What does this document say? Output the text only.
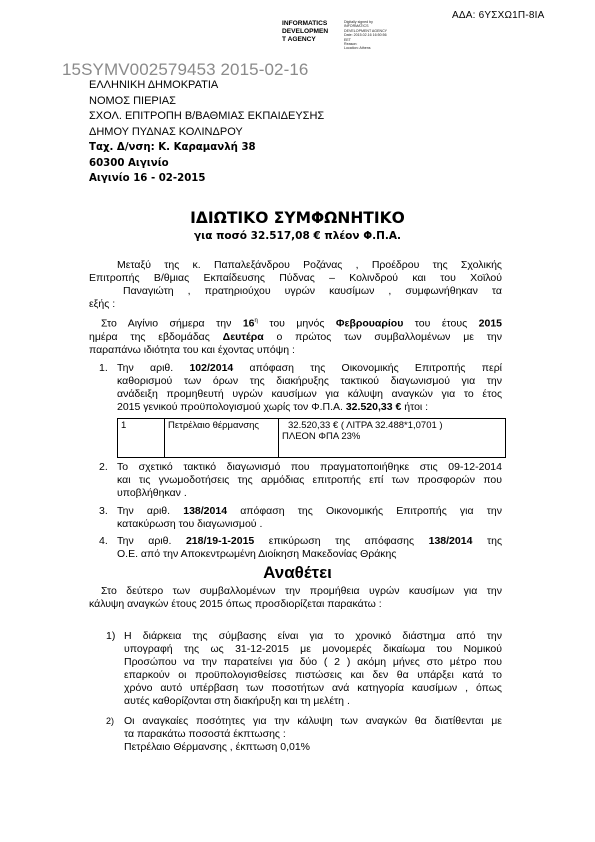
ΑΔΑ: 6ΥΣΧΩ1Π-8ΙΑ
INFORMATICS
DEVELOPMEN
T AGENCY
Digitally signed by
INFORMATICS
DEVELOPMENT AGENCY
Date: 2015.02.16 16:50:56
EET
Reason:
Location: Athens
15SYMV002579453 2015-02-16
ΕΛΛΗΝΙΚΗ ΔΗΜΟΚΡΑΤΙΑ
ΝΟΜΟΣ ΠΙΕΡΙΑΣ
ΣΧΟΛ. ΕΠΙΤΡΟΠΗ Β/ΒΑΘΜΙΑΣ ΕΚΠΑΙΔΕΥΣΗΣ
ΔΗΜΟΥ ΠΥΔΝΑΣ ΚΟΛΙΝΔΡΟΥ
Ταχ. Δ/νση: Κ. Καραμανλή 38
60300 Αιγινίο
Αιγινίο 16 - 02-2015
ΙΔΙΩΤΙΚΟ ΣΥΜΦΩΝΗΤΙΚΟ
για ποσό 32.517,08 € πλέον Φ.Π.Α.
Μεταξύ της κ. Παπαλεξάνδρου Ροζάνας , Προέδρου της Σχολικής
Επιτροπής Β/θμιας Εκπαίδευσης Πύδνας – Κολινδρού και του Χοϊλού
Παναγιώτη , πρατηριούχου υγρών καυσίμων , συμφωνήθηκαν τα
εξής :
Στο Αιγίνιο σήμερα την $16^\eta$ του μηνός Φεβρουαρίου του έτους 2015
ημέρα της εβδομάδας Δευτέρα ο πρώτος των συμβαλλομένων με την
παραπάνω ιδιότητα του και έχοντας υπόψη :
1. Την αριθ. 102/2014 απόφαση της Οικονομικής Επιτροπής περί
καθορισμού των όρων της διακήρυξης τακτικού διαγωνισμού για την
ανάδειξη προμηθευτή υγρών καυσίμων για κάλυψη αναγκών για το έτος
2015 γενικού προϋπολογισμού χωρίς τον Φ.Π.Α. 32.520,33 € ήτοι :
1	Πετρέλαιο θέρμανσης	32.520,33 € ( ΛΙΤΡΑ 32.488*1,0701 )
ΠΛΕΟΝ ΦΠΑ 23%
2. Το σχετικό τακτικό διαγωνισμό που πραγματοποιήθηκε στις 09-12-2014
και τις γνωμοδοτήσεις της αρμόδιας επιτροπής επί των προσφορών που
υποβλήθηκαν .
3. Την αριθ. 138/2014 απόφαση της Οικονομικής Επιτροπής για την
κατακύρωση του διαγωνισμού .
4. Την αριθ. 218/19-1-2015 επικύρωση της απόφασης 138/2014 της
Ο.Ε. από την Αποκεντρωμένη Διοίκηση Μακεδονίας Θράκης
Αναθέτει
Στο δεύτερο των συμβαλλομένων την προμήθεια υγρών καυσίμων για την
κάλυψη αναγκών έτους 2015 όπως προσδιορίζεται παρακάτω :
1) Η διάρκεια της σύμβασης είναι για το χρονικό διάστημα από την
υπογραφή της ως 31-12-2015 με μονομερές δικαίωμα του Νομικού
Προσώπου να την παρατείνει για δύο ( 2 ) ακόμη μήνες στο μέτρο που
επαρκούν οι προϋπολογισθείσες πιστώσεις και δεν θα υπάρξει κατά το
χρόνο αυτό υπέρβαση των ποσοτήτων ανά κατηγορία καυσίμων , όπως
αυτές καθορίζονται στη διακήρυξη και τη μελέτη .
2) Οι αναγκαίες ποσότητες για την κάλυψη των αναγκών θα διατίθενται με
τα παρακάτω ποσοστά έκπτωσης :
Πετρέλαιο Θέρμανσης , έκπτωση 0,01%
